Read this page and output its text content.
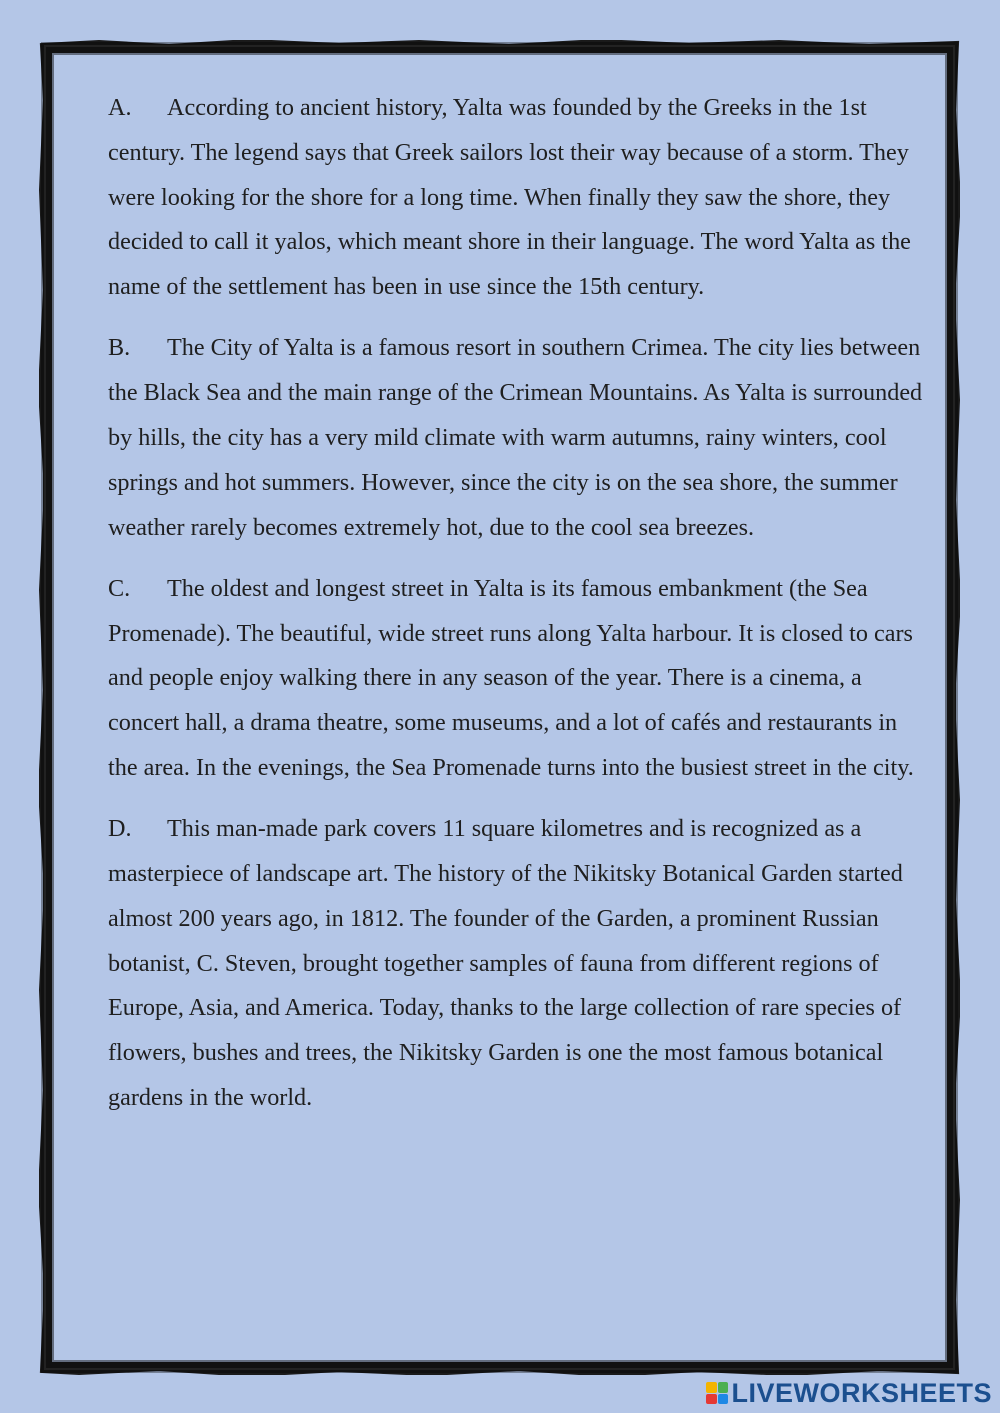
A. According to ancient history, Yalta was founded by the Greeks in the 1st century. The legend says that Greek sailors lost their way because of a storm. They were looking for the shore for a long time. When finally they saw the shore, they decided to call it yalos, which meant shore in their language. The word Yalta as the name of the settlement has been in use since the 15th century.

B. The City of Yalta is a famous resort in southern Crimea. The city lies between the Black Sea and the main range of the Crimean Mountains. As Yalta is surrounded by hills, the city has a very mild climate with warm autumns, rainy winters, cool springs and hot summers. However, since the city is on the sea shore, the summer weather rarely becomes extremely hot, due to the cool sea breezes.

C. The oldest and longest street in Yalta is its famous embankment (the Sea Promenade). The beautiful, wide street runs along Yalta harbour. It is closed to cars and people enjoy walking there in any season of the year. There is a cinema, a concert hall, a drama theatre, some museums, and a lot of cafés and restaurants in the area. In the evenings, the Sea Promenade turns into the busiest street in the city.

D. This man-made park covers 11 square kilometres and is recognized as a masterpiece of landscape art. The history of the Nikitsky Botanical Garden started almost 200 years ago, in 1812. The founder of the Garden, a prominent Russian botanist, C. Steven, brought together samples of fauna from different regions of Europe, Asia, and America. Today, thanks to the large collection of rare species of flowers, bushes and trees, the Nikitsky Garden is one the most famous botanical gardens in the world.

LIVEWORKSHEETS
